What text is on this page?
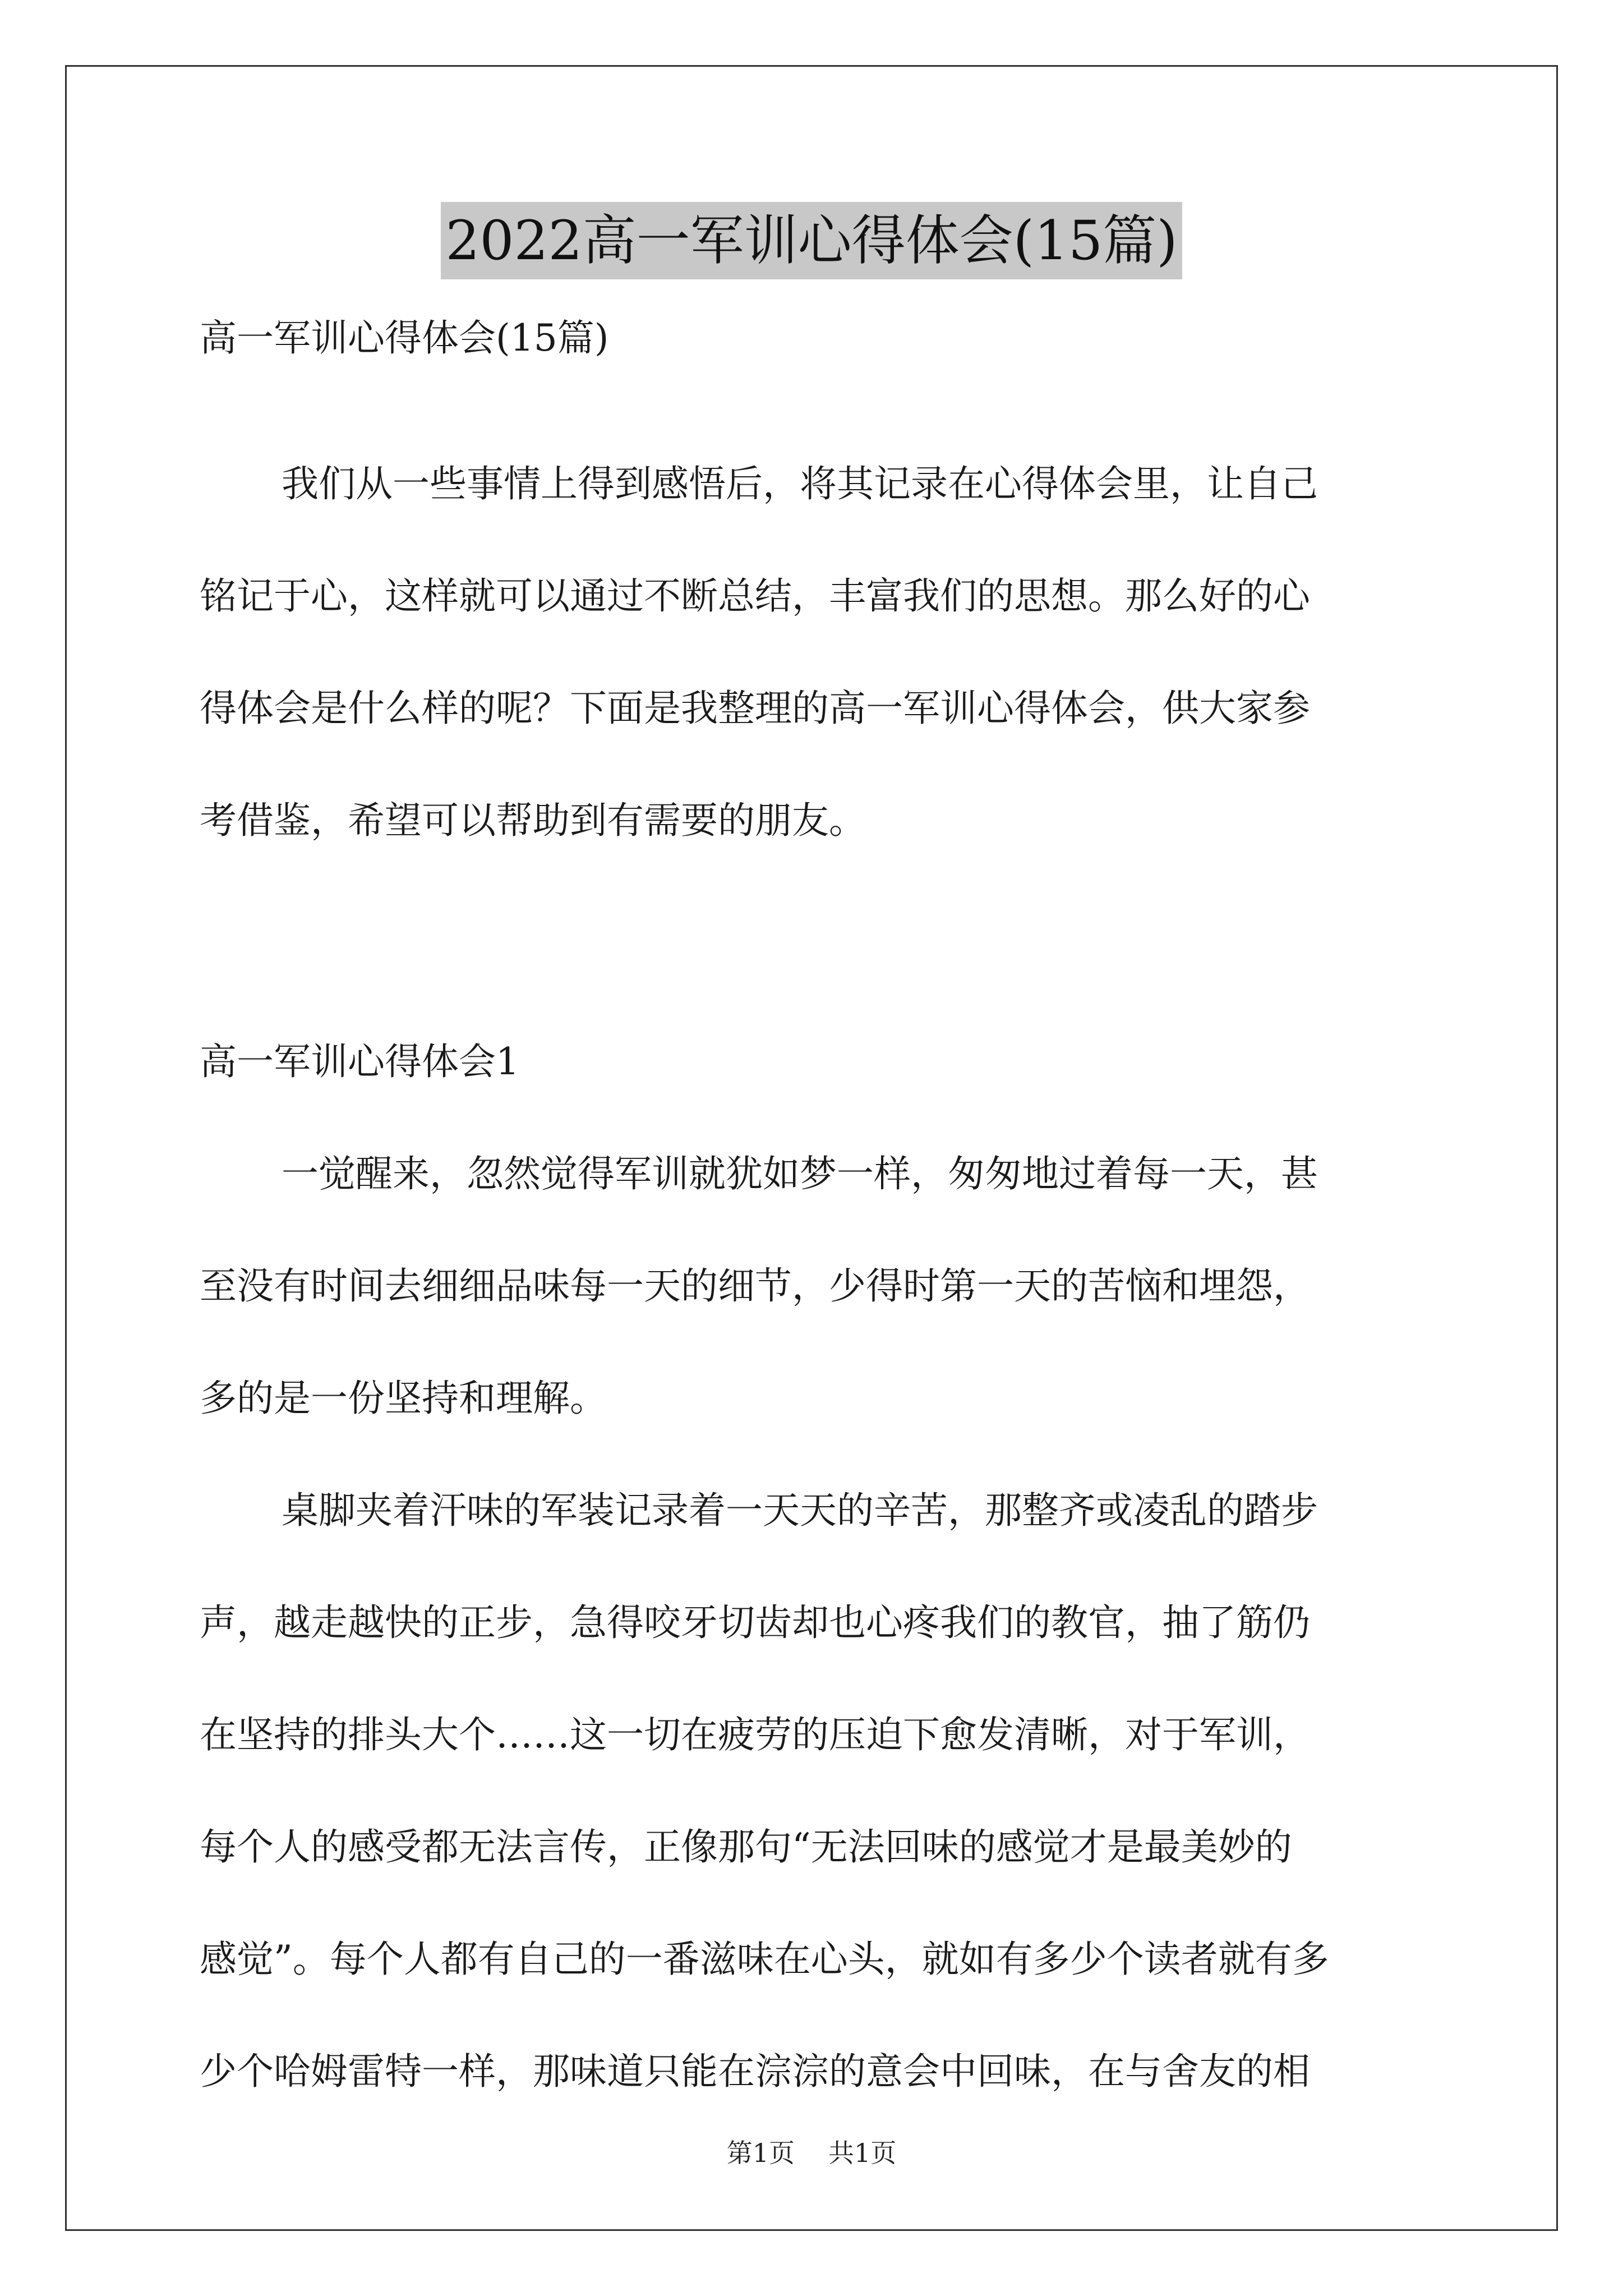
2022高一军训心得体会(15篇)
高一军训心得体会(15篇)
我们从一些事情上得到感悟后，将其记录在心得体会里，让自己
铭记于心，这样就可以通过不断总结，丰富我们的思想。那么好的心
得体会是什么样的呢？下面是我整理的高一军训心得体会，供大家参
考借鉴，希望可以帮助到有需要的朋友。
高一军训心得体会1
一觉醒来，忽然觉得军训就犹如梦一样，匆匆地过着每一天，甚
至没有时间去细细品味每一天的细节，少得时第一天的苦恼和埋怨，
多的是一份坚持和理解。
桌脚夹着汗味的军装记录着一天天的辛苦，那整齐或凌乱的踏步
声，越走越快的正步，急得咬牙切齿却也心疼我们的教官，抽了筋仍
在坚持的排头大个……这一切在疲劳的压迫下愈发清晰，对于军训，
每个人的感受都无法言传，正像那句“无法回味的感觉才是最美妙的
感觉”。每个人都有自己的一番滋味在心头，就如有多少个读者就有多
少个哈姆雷特一样，那味道只能在淙淙的意会中回味，在与舍友的相
第1页 共1页
